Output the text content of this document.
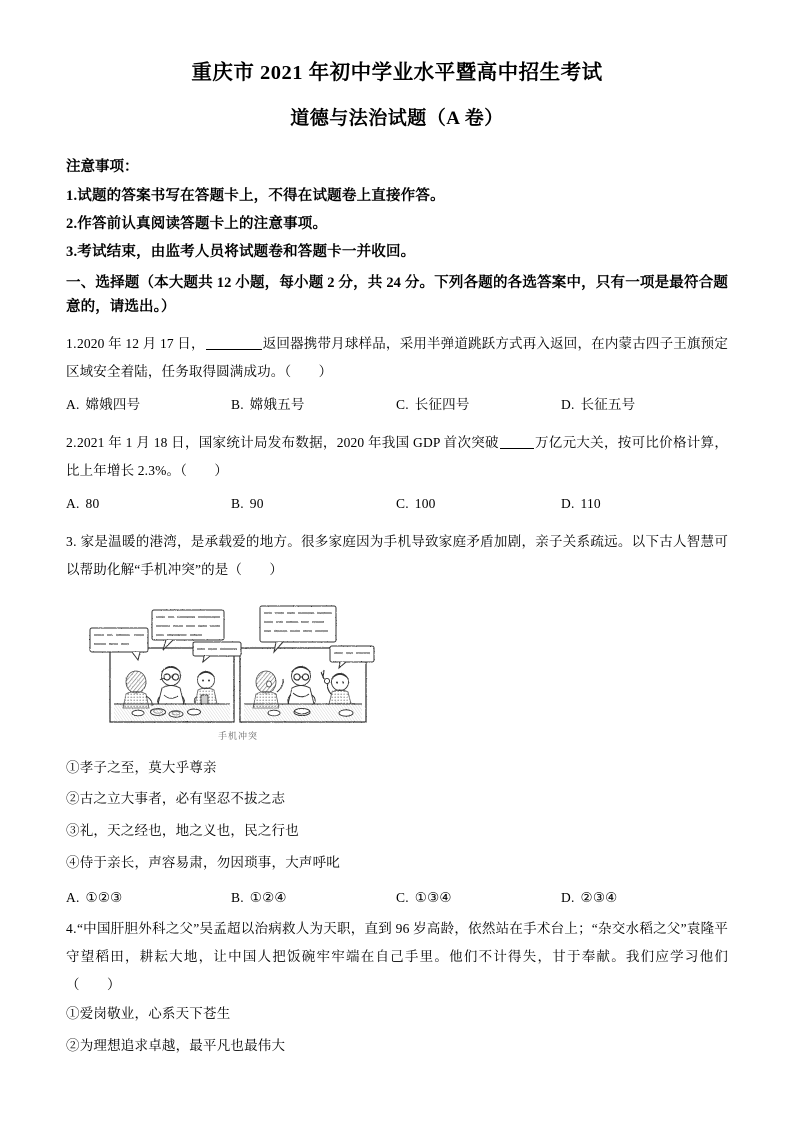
重庆市 2021 年初中学业水平暨高中招生考试
道德与法治试题（A 卷）

注意事项：

1.试题的答案书写在答题卡上，不得在试题卷上直接作答。

2.作答前认真阅读答题卡上的注意事项。

3.考试结束，由监考人员将试题卷和答题卡一并收回。

一、选择题（本大题共 12 小题，每小题 2 分，共 24 分。下列各题的各选答案中，只有一项是最符合题意的，请选出。）

1.2020 年 12 月 17 日，	返回器携带月球样品，采用半弹道跳跃方式再入返回，在内蒙古四子王旗预定区域安全着陆，任务取得圆满成功。（　　）

A. 嫦娥四号	B. 嫦娥五号	C. 长征四号	D. 长征五号

2.2021 年 1 月 18 日，国家统计局发布数据，2020 年我国 GDP 首次突破	万亿元大关，按可比价格计算，比上年增长 2.3%。（　　）

A. 80	B. 90	C. 100	D. 110

3. 家是温暖的港湾，是承载爱的地方。很多家庭因为手机导致家庭矛盾加剧，亲子关系疏远。以下古人智慧可以帮助化解“手机冲突”的是（　　）

手机冲突

①孝子之至，莫大乎尊亲

②古之立大事者，必有坚忍不拔之志

③礼，天之经也，地之义也，民之行也

④侍于亲长，声容易肃，勿因琐事，大声呼叱

A. ①②③	B. ①②④	C. ①③④	D. ②③④

4.“中国肝胆外科之父”吴孟超以治病救人为天职，直到 96 岁高龄，依然站在手术台上；“杂交水稻之父”袁隆平守望稻田，耕耘大地，让中国人把饭碗牢牢端在自己手里。他们不计得失，甘于奉献。我们应学习他们（　　）

①爱岗敬业，心系天下苍生

②为理想追求卓越，最平凡也最伟大
